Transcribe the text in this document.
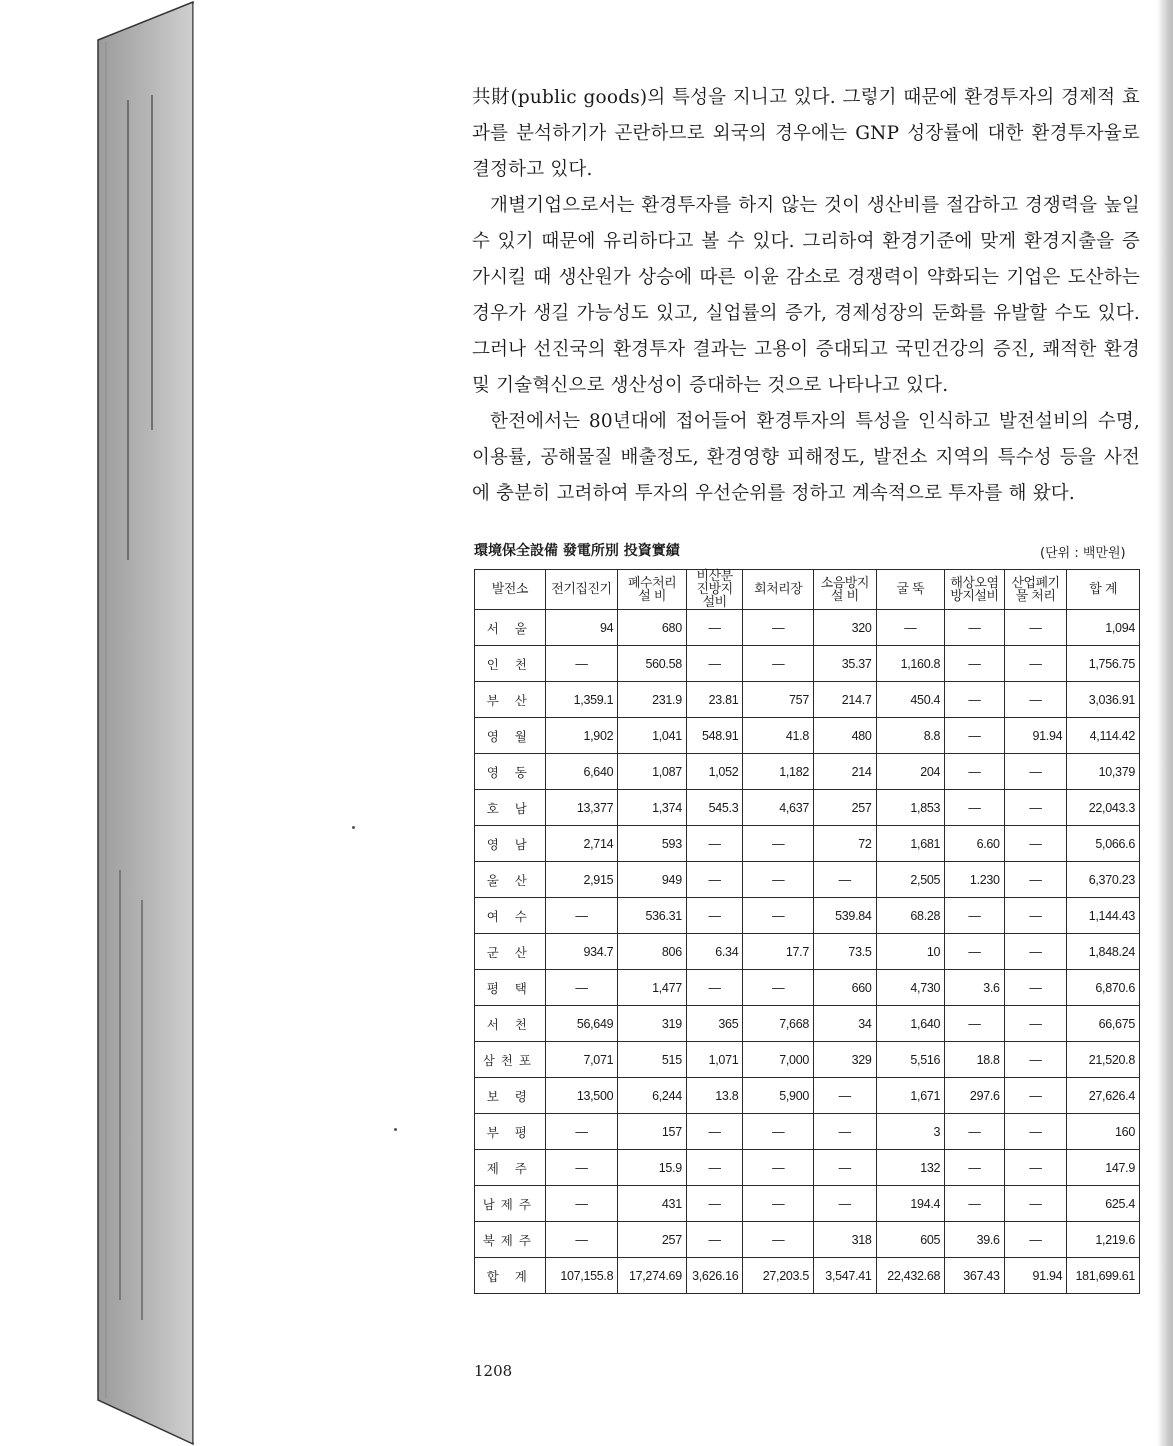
共財(public goods)의 특성을 지니고 있다. 그렇기 때문에 환경투자의 경제적 효과를 분석하기가 곤란하므로 외국의 경우에는 GNP 성장률에 대한 환경투자율로 결정하고 있다.

개별기업으로서는 환경투자를 하지 않는 것이 생산비를 절감하고 경쟁력을 높일 수 있기 때문에 유리하다고 볼 수 있다. 그리하여 환경기준에 맞게 환경지출을 증가시킬 때 생산원가 상승에 따른 이윤 감소로 경쟁력이 약화되는 기업은 도산하는 경우가 생길 가능성도 있고, 실업률의 증가, 경제성장의 둔화를 유발할 수도 있다. 그러나 선진국의 환경투자 결과는 고용이 증대되고 국민건강의 증진, 쾌적한 환경 및 기술혁신으로 생산성이 증대하는 것으로 나타나고 있다.

한전에서는 80년대에 접어들어 환경투자의 특성을 인식하고 발전설비의 수명, 이용률, 공해물질 배출정도, 환경영향 피해정도, 발전소 지역의 특수성 등을 사전에 충분히 고려하여 투자의 우선순위를 정하고 계속적으로 투자를 해 왔다.

環境保全設備 發電所別 投資實績	(단위 : 백만원)
발전소	전기집진기	폐수처리설 비	비산분진방지설비	회처리장	소음방지설 비	굴 뚝	해상오염방지설비	산업폐기물 처리	합 계
서 울	94	680	—	—	320	—	—	—	1,094
인 천	—	560.58	—	—	35.37	1,160.8	—	—	1,756.75
부 산	1,359.1	231.9	23.81	757	214.7	450.4	—	—	3,036.91
영 월	1,902	1,041	548.91	41.8	480	8.8	—	91.94	4,114.42
영 동	6,640	1,087	1,052	1,182	214	204	—	—	10,379
호 남	13,377	1,374	545.3	4,637	257	1,853	—	—	22,043.3
영 남	2,714	593	—	—	72	1,681	6.60	—	5,066.6
울 산	2,915	949	—	—	—	2,505	1.230	—	6,370.23
여 수	—	536.31	—	—	539.84	68.28	—	—	1,144.43
군 산	934.7	806	6.34	17.7	73.5	10	—	—	1,848.24
평 택	—	1,477	—	—	660	4,730	3.6	—	6,870.6
서 천	56,649	319	365	7,668	34	1,640	—	—	66,675
삼천포	7,071	515	1,071	7,000	329	5,516	18.8	—	21,520.8
보 령	13,500	6,244	13.8	5,900	—	1,671	297.6	—	27,626.4
부 평	—	157	—	—	—	3	—	—	160
제 주	—	15.9	—	—	—	132	—	—	147.9
남제주	—	431	—	—	—	194.4	—	—	625.4
북제주	—	257	—	—	318	605	39.6	—	1,219.6
합 계	107,155.8	17,274.69	3,626.16	27,203.5	3,547.41	22,432.68	367.43	91.94	181,699.61
1208
